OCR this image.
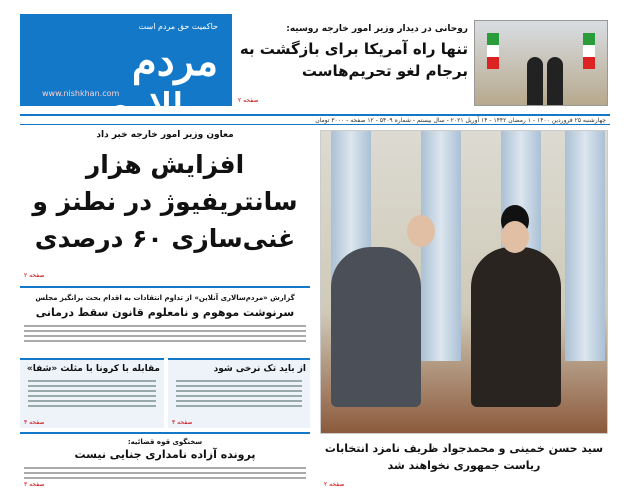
حاکمیت حق مردم است
مردم سالاری
www.nishkhan.com
روحانی در دیدار وزیر امور خارجه روسیه:
تنها راه آمریکا برای بازگشت به برجام لغو تحریم‌هاست
صفحه ۲
چهارشنبه ۲۵ فروردین ۱۴۰۰ - ۱ رمضان ۱۴۴۲ - ۱۴ آوریل ۲۰۲۱ - سال بیستم - شماره ۵۴۰۹ - ۱۲ صفحه - ۳۰۰۰ تومان
معاون وزیر امور خارجه خبر داد
افزایش هزار سانتریفیوژ در نطنز و غنی‌سازی ۶۰ درصدی
صفحه ۲
گزارش «مردم‌سالاری آنلاین» از تداوم انتقادات به اقدام بحث برانگیز مجلس
سرنوشت موهوم و نامعلوم قانون سقط درمانی
از باید تک نرخی شود
صفحه ۴
مقابله با کرونا با مثلث «شفا»
صفحه ۴
سخنگوی قوه قضائیه:
پرونده آزاده نامداری جنایی نیست
صفحه ۳
سید حسن خمینی و محمدجواد ظریف نامزد انتخابات ریاست جمهوری نخواهند شد
صفحه ۲
